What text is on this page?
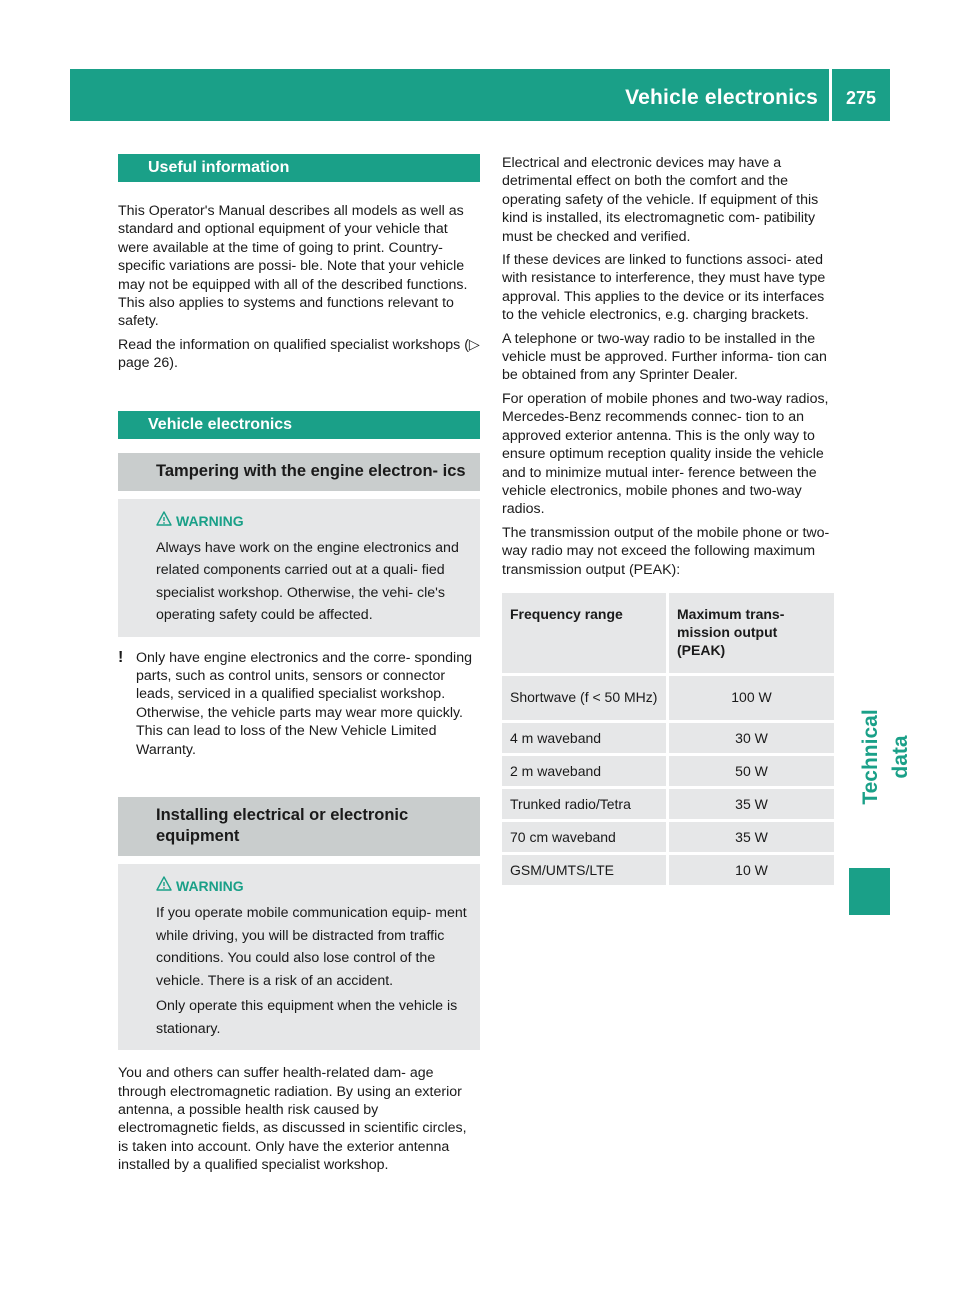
Vehicle electronics	275
Technical data
Useful information

This Operator's Manual describes all models as well as standard and optional equipment of your vehicle that were available at the time of going to print. Country-specific variations are possi- ble. Note that your vehicle may not be equipped with all of the described functions. This also applies to systems and functions relevant to safety.

Read the information on qualified specialist workshops (▷ page 26).

Vehicle electronics
Tampering with the engine electron- ics
WARNING

Always have work on the engine electronics and related components carried out at a quali- fied specialist workshop. Otherwise, the vehi- cle's operating safety could be affected.

! Only have engine electronics and the corre- sponding parts, such as control units, sensors or connector leads, serviced in a qualified specialist workshop. Otherwise, the vehicle parts may wear more quickly. This can lead to loss of the New Vehicle Limited Warranty.

Installing electrical or electronic equipment
WARNING

If you operate mobile communication equip- ment while driving, you will be distracted from traffic conditions. You could also lose control of the vehicle. There is a risk of an accident.

Only operate this equipment when the vehicle is stationary.

You and others can suffer health-related dam- age through electromagnetic radiation. By using an exterior antenna, a possible health risk caused by electromagnetic fields, as discussed in scientific circles, is taken into account. Only have the exterior antenna installed by a qualified specialist workshop.

Electrical and electronic devices may have a detrimental effect on both the comfort and the operating safety of the vehicle. If equipment of this kind is installed, its electromagnetic com- patibility must be checked and verified.

If these devices are linked to functions associ- ated with resistance to interference, they must have type approval. This applies to the device or its interfaces to the vehicle electronics, e.g. charging brackets.

A telephone or two-way radio to be installed in the vehicle must be approved. Further informa- tion can be obtained from any Sprinter Dealer.

For operation of mobile phones and two-way radios, Mercedes-Benz recommends connec- tion to an approved exterior antenna. This is the only way to ensure optimum reception quality inside the vehicle and to minimize mutual inter- ference between the vehicle electronics, mobile phones and two-way radios.

The transmission output of the mobile phone or two-way radio may not exceed the following maximum transmission output (PEAK):

Frequency range	Maximum trans- mission output (PEAK)
Shortwave (f < 50 MHz)	100 W
4 m waveband	30 W
2 m waveband	50 W
Trunked radio/Tetra	35 W
70 cm waveband	35 W
GSM/UMTS/LTE	10 W
